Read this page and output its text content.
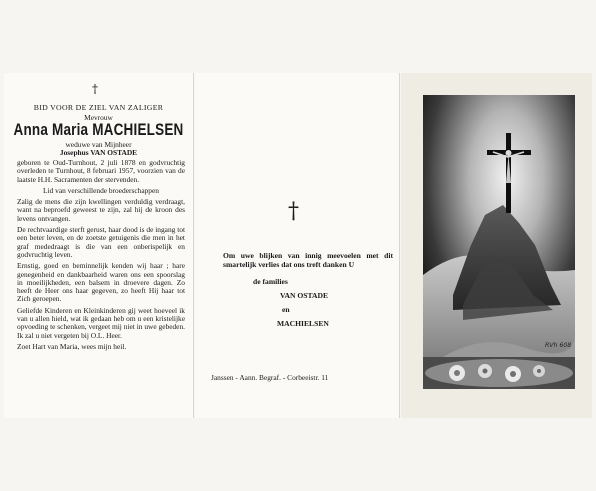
†
BID VOOR DE ZIEL VAN ZALIGER
Mevrouw
Anna Maria MACHIELSEN
weduwe van Mijnheer
Josephus VAN OSTADE

geboren te Oud-Turnhout, 2 juli 1878 en godvruchtig overleden te Turnhout, 8 februari 1957, voorzien van de laatste H.H. Sacramenten der stervenden.

Lid van verschillende broederschappen

Zalig de mens die zijn kwellingen verduldig verdraagt, want na beproefd geweest te zijn, zal hij de kroon des levens ontvangen.

De rechtvaardige sterft gerust, haar dood is de ingang tot een beter leven, en de zoetste getuigenis die men in het graf mededraagt is die van een onberispelijk en godvruchtig leven.

Ernstig, goed en beminnelijk kenden wij haar ; hare genegenheid en dankbaarheid waren ons een spoorslag in moeilijkheden, een balsem in droevere dagen. Zo heeft de Heer ons haar gegeven, zo heeft Hij haar tot Zich geroepen.

Geliefde Kinderen en Kleinkinderen gij weet hoeveel ik van u allen hield, wat ik gedaan heb om u een kristelijke opvoeding te schenken, vergeet mij niet in uwe gebeden. Ik zal u niet vergeten bij O.L. Heer.

Zoet Hart van Maria, wees mijn heil.

†
Om uwe blijken van innig meevoelen met dit smartelijk verlies dat ons treft danken U
de families
VAN OSTADE
en
MACHIELSEN
Janssen - Aann. Begraf. - Corbeeistr. 11
RVh 608
